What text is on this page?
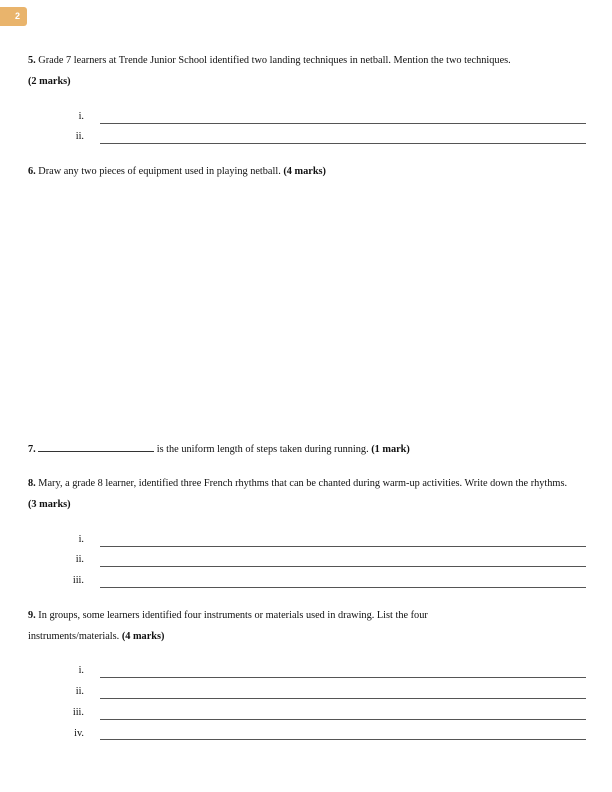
2
5. Grade 7 learners at Trende Junior School identified two landing techniques in netball. Mention the two techniques.
(2 marks)
i.
ii.
6. Draw any two pieces of equipment used in playing netball. (4 marks)
7.	is the uniform length of steps taken during running. (1 mark)
8. Mary, a grade 8 learner, identified three French rhythms that can be chanted during warm-up activities. Write down the rhythms. (3 marks)
i.
ii.
iii.
9. In groups, some learners identified four instruments or materials used in drawing. List the four instruments/materials. (4 marks)
i.
ii.
iii.
iv.
